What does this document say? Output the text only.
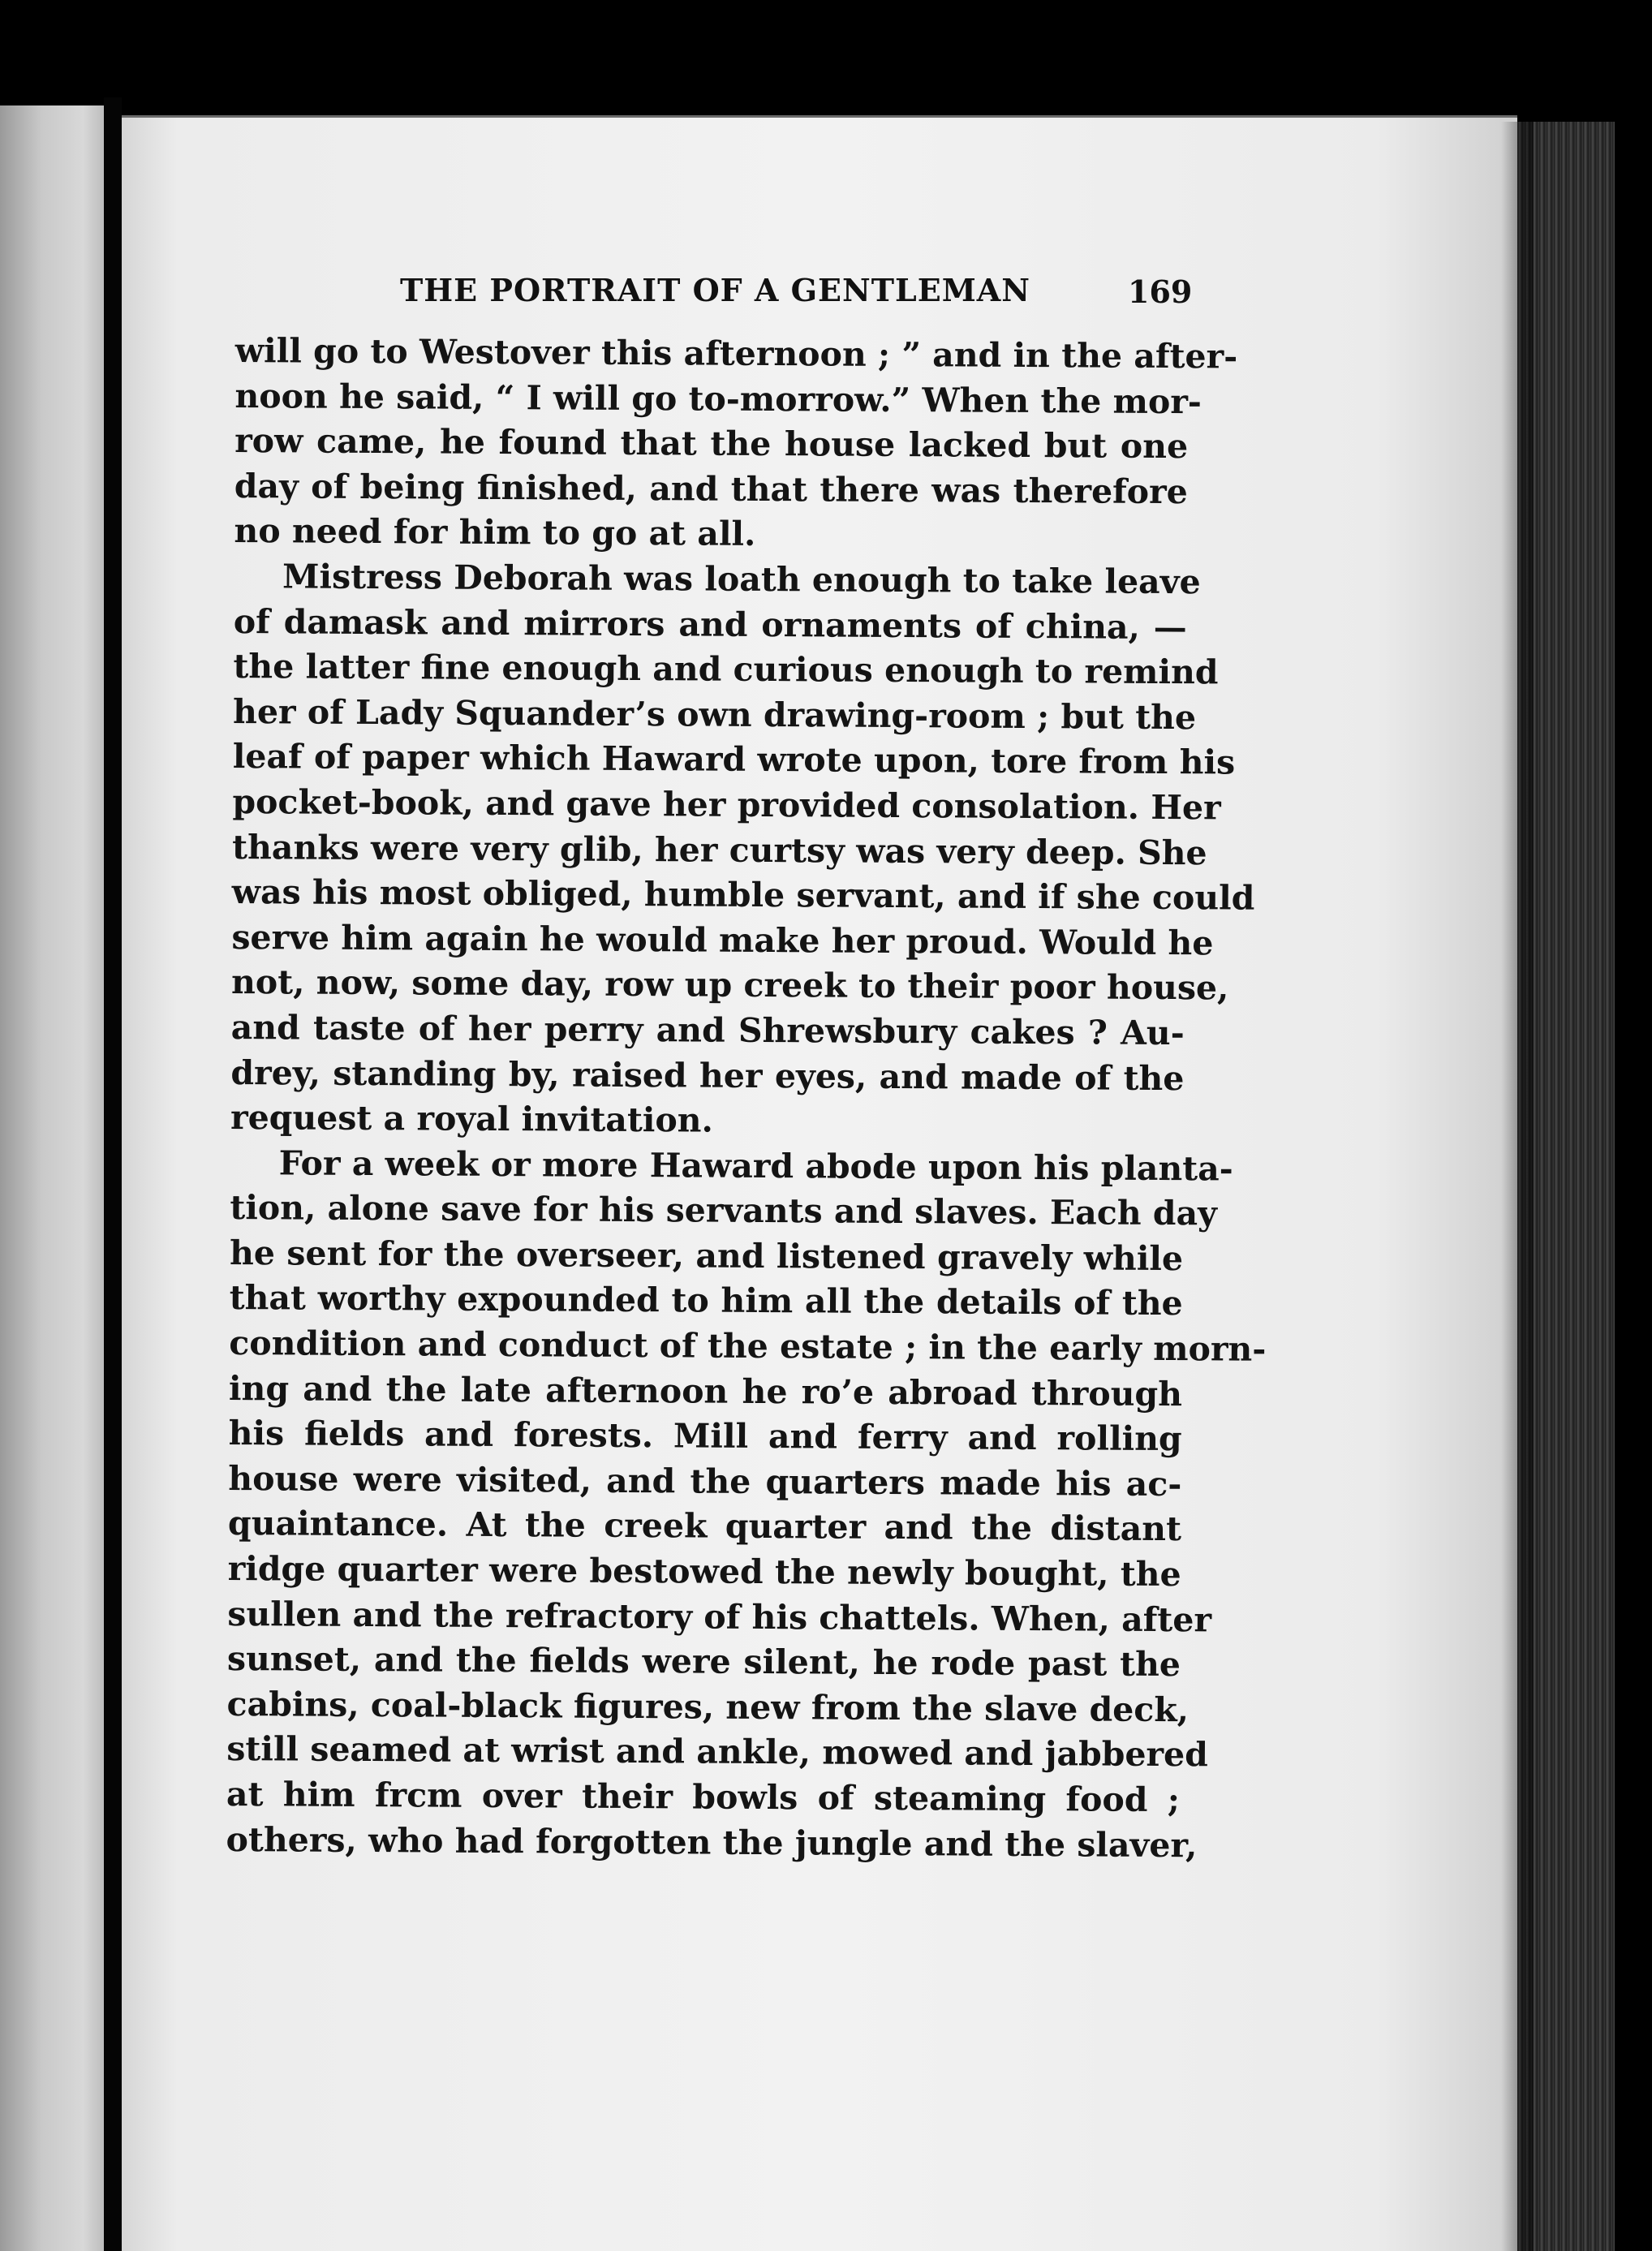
THE PORTRAIT OF A GENTLEMAN	169
will go to Westover this afternoon ; ” and in the after-
noon he said, “ I will go to-morrow.” When the mor-
row came, he found that the house lacked but one
day of being finished, and that there was therefore
no need for him to go at all.
Mistress Deborah was loath enough to take leave
of damask and mirrors and ornaments of china, —
the latter fine enough and curious enough to remind
her of Lady Squander’s own drawing-room ; but the
leaf of paper which Haward wrote upon, tore from his
pocket-book, and gave her provided consolation. Her
thanks were very glib, her curtsy was very deep. She
was his most obliged, humble servant, and if she could
serve him again he would make her proud. Would he
not, now, some day, row up creek to their poor house,
and taste of her perry and Shrewsbury cakes ? Au-
drey, standing by, raised her eyes, and made of the
request a royal invitation.
For a week or more Haward abode upon his planta-
tion, alone save for his servants and slaves. Each day
he sent for the overseer, and listened gravely while
that worthy expounded to him all the details of the
condition and conduct of the estate ; in the early morn-
ing and the late afternoon he ro’e abroad through
his fields and forests. Mill and ferry and rolling
house were visited, and the quarters made his ac-
quaintance. At the creek quarter and the distant
ridge quarter were bestowed the newly bought, the
sullen and the refractory of his chattels. When, after
sunset, and the fields were silent, he rode past the
cabins, coal-black figures, new from the slave deck,
still seamed at wrist and ankle, mowed and jabbered
at him frcm over their bowls of steaming food ;
others, who had forgotten the jungle and the slaver,
